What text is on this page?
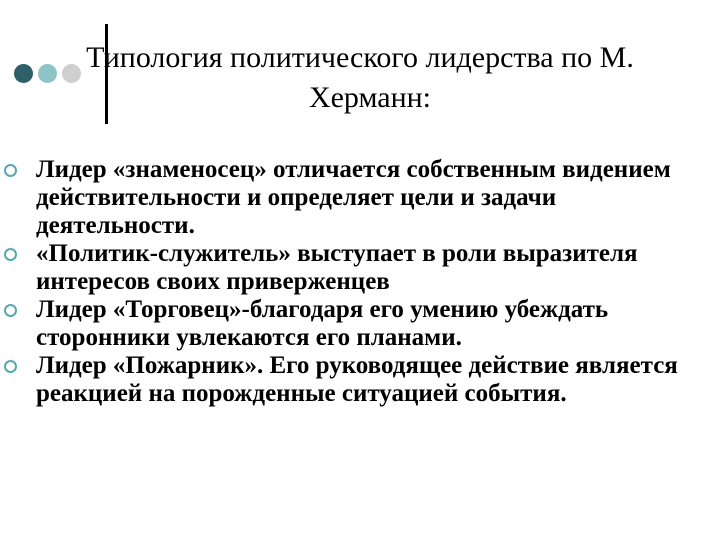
Типология политического лидерства по М.
Херманн:
Лидер «знаменосец» отличается собственным видением действительности и определяет цели и задачи деятельности.
«Политик-служитель» выступает в роли выразителя интересов своих приверженцев
Лидер «Торговец»-благодаря его умению убеждать сторонники увлекаются его планами.
Лидер «Пожарник». Его руководящее действие является реакцией на порожденные ситуацией события.
